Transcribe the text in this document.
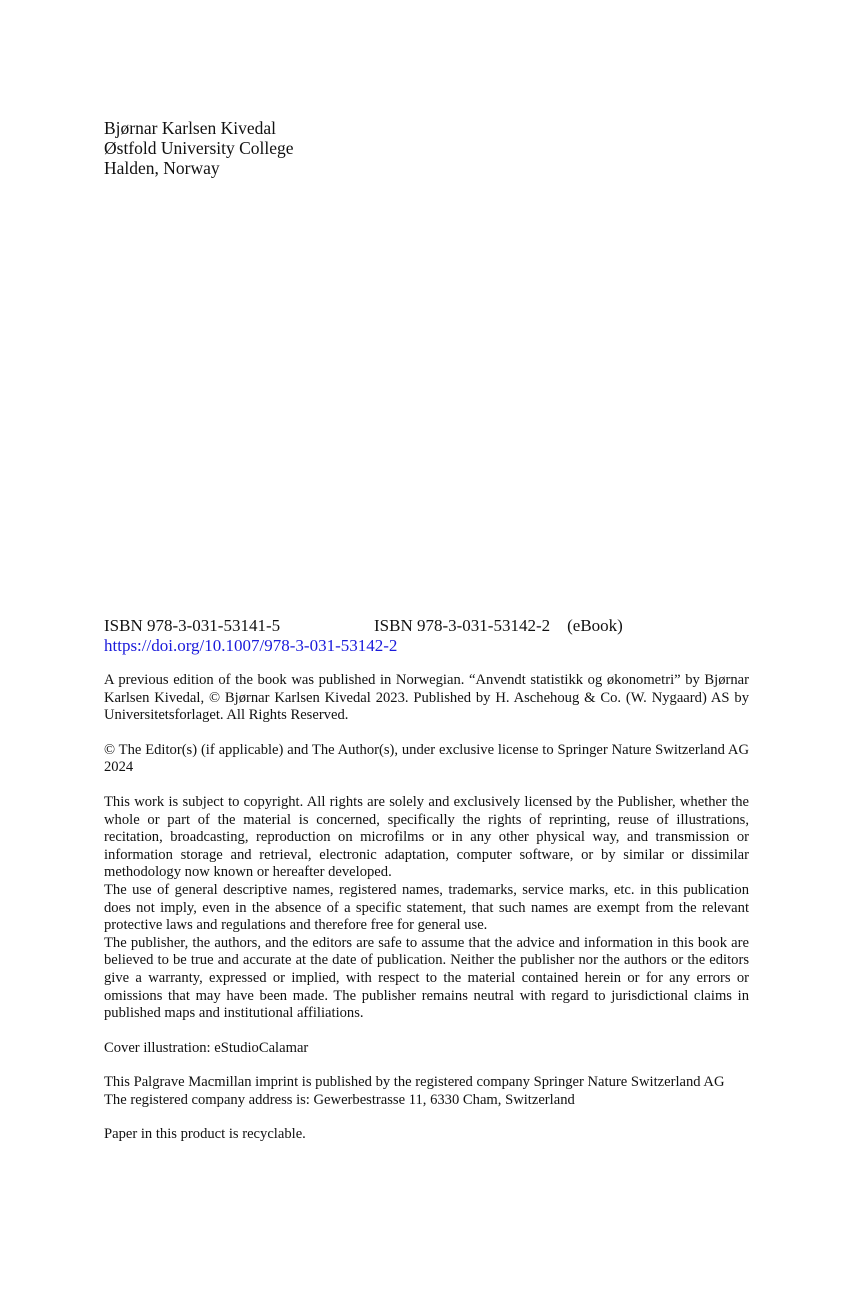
Bjørnar Karlsen Kivedal
Østfold University College
Halden, Norway
ISBN 978-3-031-53141-5	ISBN 978-3-031-53142-2 (eBook)
https://doi.org/10.1007/978-3-031-53142-2

A previous edition of the book was published in Norwegian. “Anvendt statistikk og økonometri” by Bjørnar Karlsen Kivedal, © Bjørnar Karlsen Kivedal 2023. Published by H. Aschehoug & Co. (W. Nygaard) AS by Universitetsforlaget. All Rights Reserved.

© The Editor(s) (if applicable) and The Author(s), under exclusive license to Springer Nature Switzerland AG 2024

This work is subject to copyright. All rights are solely and exclusively licensed by the Publisher, whether the whole or part of the material is concerned, specifically the rights of reprinting, reuse of illustrations, recitation, broadcasting, reproduction on microfilms or in any other physical way, and transmission or information storage and retrieval, electronic adaptation, computer software, or by similar or dissimilar methodology now known or hereafter developed.

The use of general descriptive names, registered names, trademarks, service marks, etc. in this publication does not imply, even in the absence of a specific statement, that such names are exempt from the relevant protective laws and regulations and therefore free for general use.

The publisher, the authors, and the editors are safe to assume that the advice and information in this book are believed to be true and accurate at the date of publication. Neither the publisher nor the authors or the editors give a warranty, expressed or implied, with respect to the material contained herein or for any errors or omissions that may have been made. The publisher remains neutral with regard to jurisdictional claims in published maps and institutional affiliations.

Cover illustration: eStudioCalamar

This Palgrave Macmillan imprint is published by the registered company Springer Nature Switzerland AG

The registered company address is: Gewerbestrasse 11, 6330 Cham, Switzerland

Paper in this product is recyclable.
